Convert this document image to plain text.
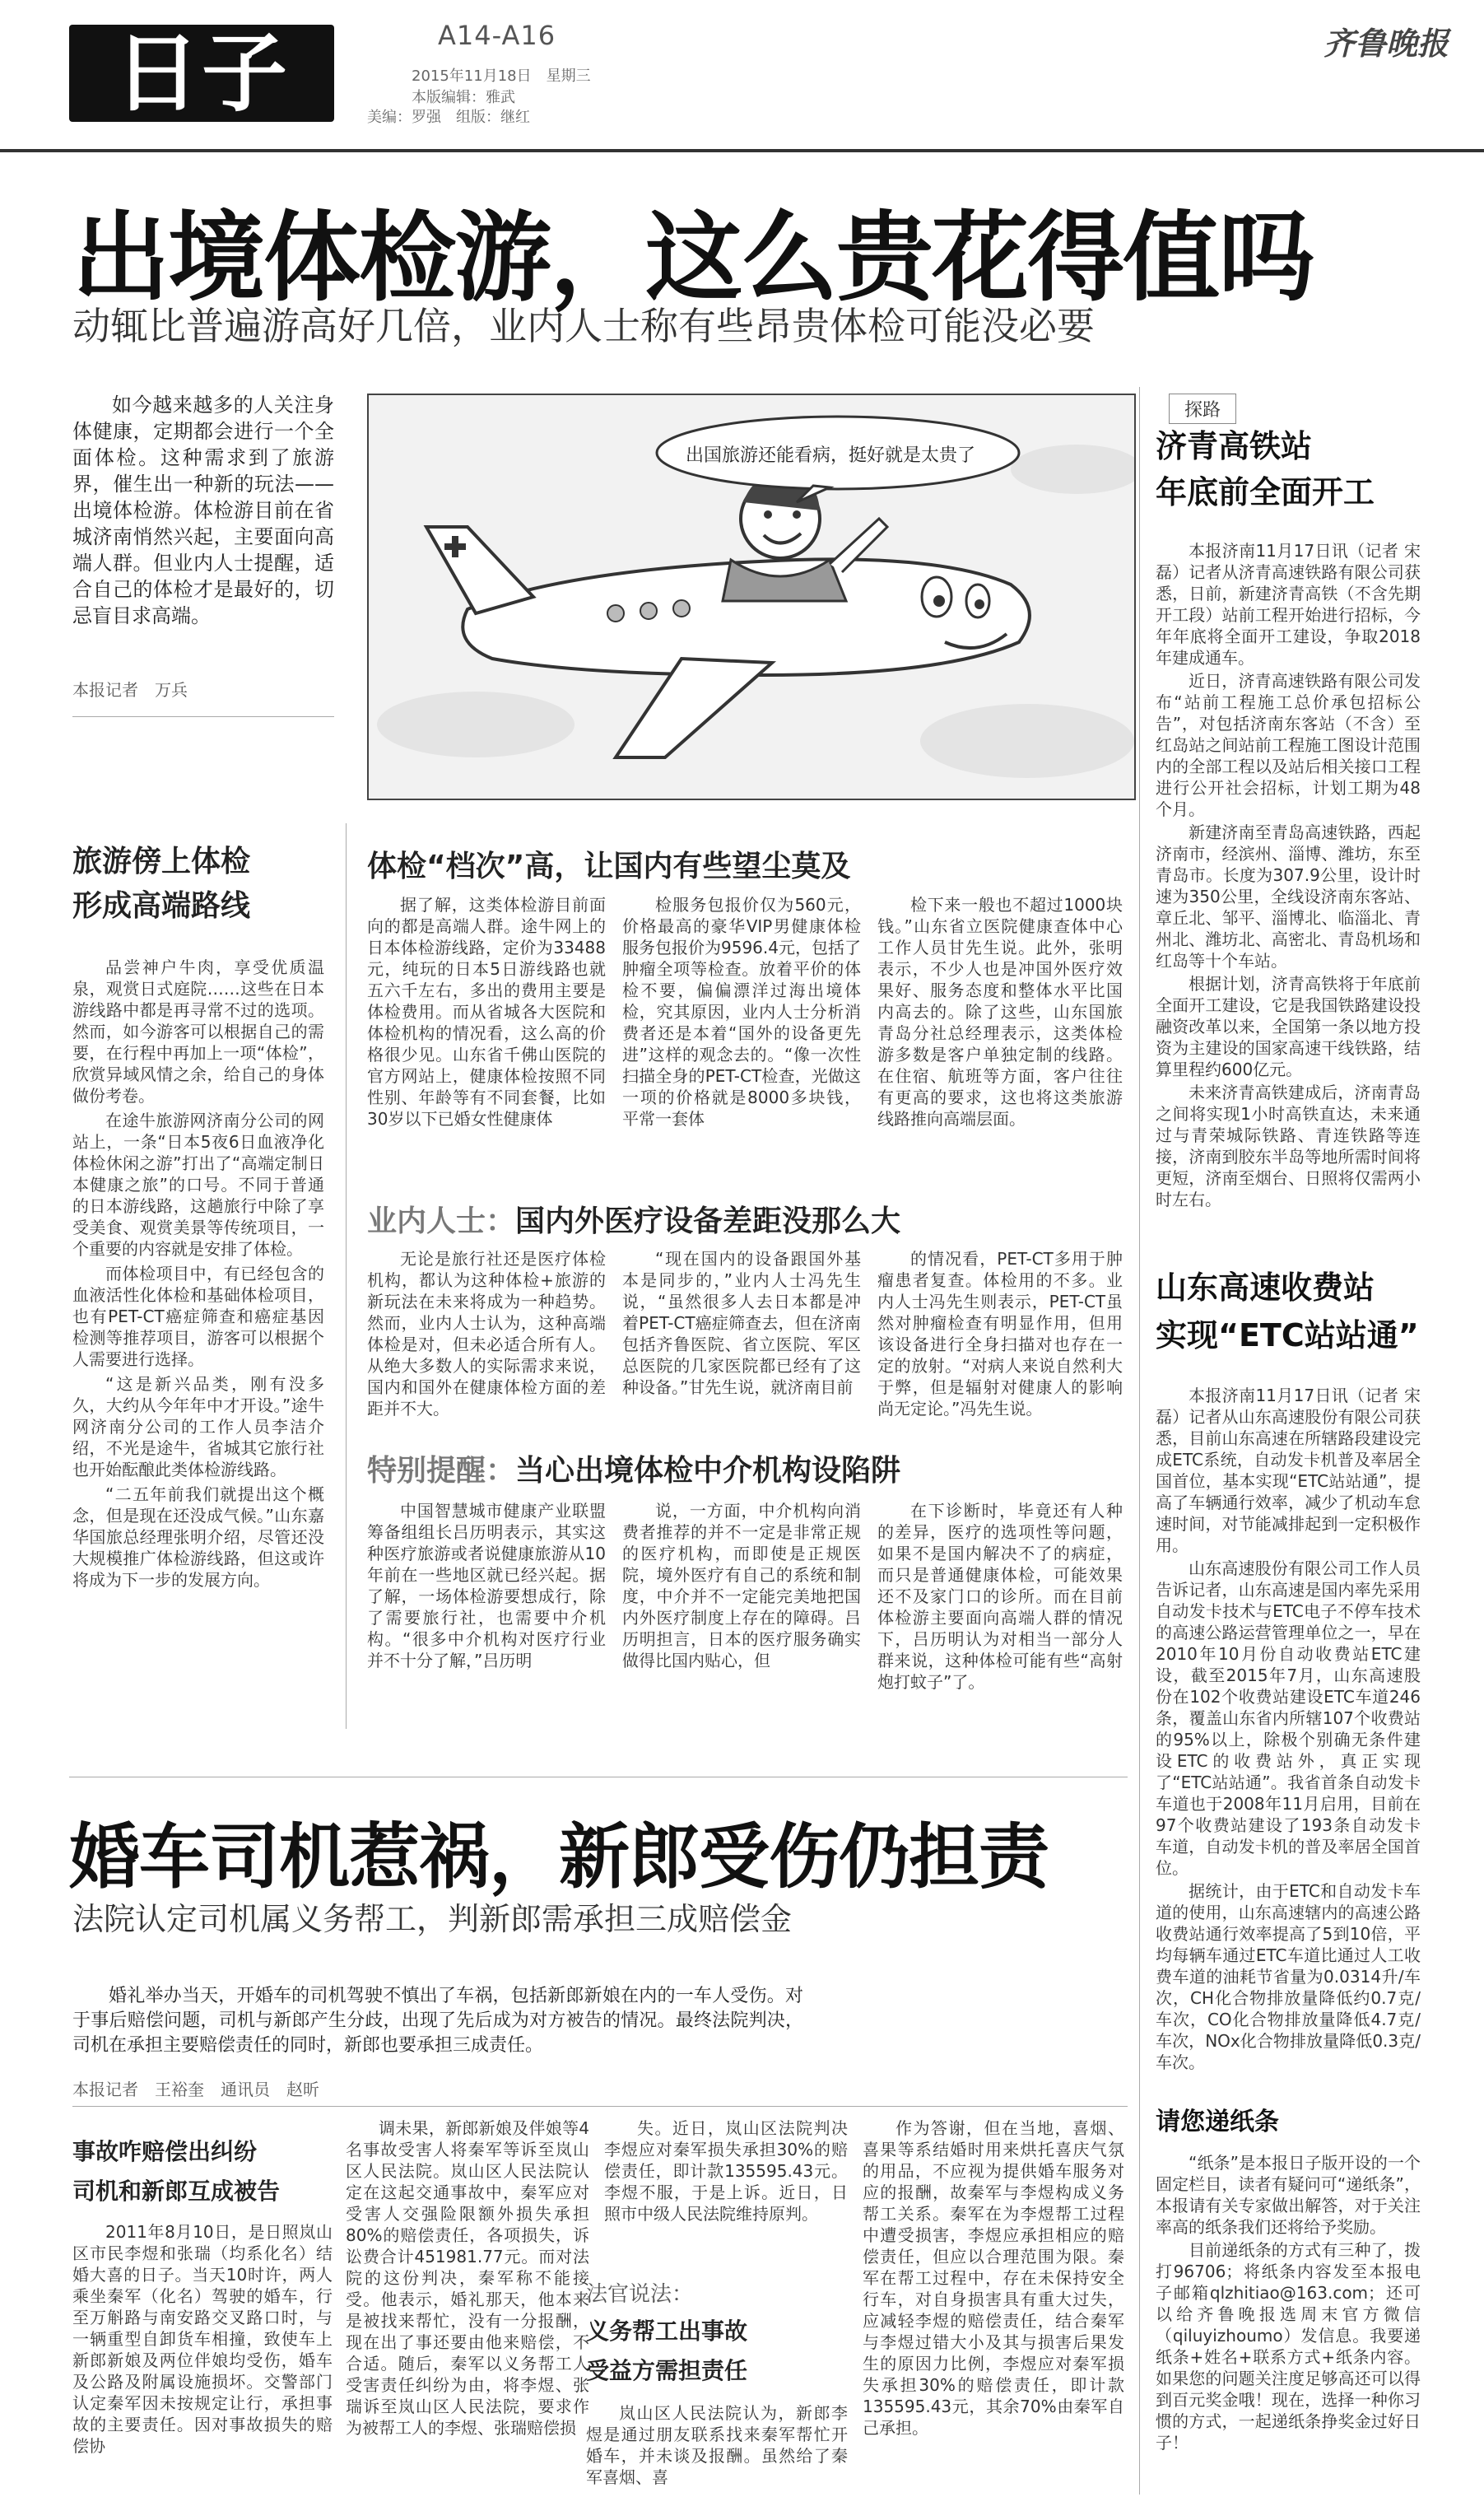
日子	A14-A16
2015年11月18日　星期三
本版编辑：雅武
美编：罗强　组版：继红
齐鲁晚报
出境体检游，这么贵花得值吗
动辄比普遍游高好几倍，业内人士称有些昂贵体检可能没必要

如今越来越多的人关注身体健康，定期都会进行一个全面体检。这种需求到了旅游界，催生出一种新的玩法——出境体检游。体检游目前在省城济南悄然兴起，主要面向高端人群。但业内人士提醒，适合自己的体检才是最好的，切忌盲目求高端。

本报记者　万兵
出国旅游还能看病，挺好就是太贵了
旅游傍上体检
形成高端路线

品尝神户牛肉，享受优质温泉，观赏日式庭院……这些在日本游线路中都是再寻常不过的选项。然而，如今游客可以根据自己的需要，在行程中再加上一项“体检”，欣赏异域风情之余，给自己的身体做份考卷。

在途牛旅游网济南分公司的网站上，一条“日本5夜6日血液净化体检休闲之游”打出了“高端定制日本健康之旅”的口号。不同于普通的日本游线路，这趟旅行中除了享受美食、观赏美景等传统项目，一个重要的内容就是安排了体检。

而体检项目中，有已经包含的血液活性化体检和基础体检项目，也有PET-CT癌症筛查和癌症基因检测等推荐项目，游客可以根据个人需要进行选择。

“这是新兴品类，刚有没多久，大约从今年年中才开设。”途牛网济南分公司的工作人员李洁介绍，不光是途牛，省城其它旅行社也开始酝酿此类体检游线路。

“二五年前我们就提出这个概念，但是现在还没成气候。”山东嘉华国旅总经理张明介绍，尽管还没大规模推广体检游线路，但这或许将成为下一步的发展方向。

体检“档次”高，让国内有些望尘莫及

据了解，这类体检游目前面向的都是高端人群。途牛网上的日本体检游线路，定价为33488元，纯玩的日本5日游线路也就五六千左右，多出的费用主要是体检费用。而从省城各大医院和体检机构的情况看，这么高的价格很少见。山东省千佛山医院的官方网站上，健康体检按照不同性别、年龄等有不同套餐，比如30岁以下已婚女性健康体

检服务包报价仅为560元，价格最高的豪华VIP男健康体检服务包报价为9596.4元，包括了肿瘤全项等检查。放着平价的体检不要，偏偏漂洋过海出境体检，究其原因，业内人士分析消费者还是本着“国外的设备更先进”这样的观念去的。“像一次性扫描全身的PET-CT检查，光做这一项的价格就是8000多块钱，平常一套体

检下来一般也不超过1000块钱。”山东省立医院健康查体中心工作人员甘先生说。此外，张明表示，不少人也是冲国外医疗效果好、服务态度和整体水平比国内高去的。除了这些，山东国旅青岛分社总经理表示，这类体检游多数是客户单独定制的线路。在住宿、航班等方面，客户往往有更高的要求，这也将这类旅游线路推向高端层面。

业内人士：国内外医疗设备差距没那么大

无论是旅行社还是医疗体检机构，都认为这种体检+旅游的新玩法在未来将成为一种趋势。然而，业内人士认为，这种高端体检是对，但未必适合所有人。从绝大多数人的实际需求来说，国内和国外在健康体检方面的差距并不大。

“现在国内的设备跟国外基本是同步的，”业内人士冯先生说，“虽然很多人去日本都是冲着PET-CT癌症筛查去，但在济南包括齐鲁医院、省立医院、军区总医院的几家医院都已经有了这种设备。”甘先生说，就济南目前

的情况看，PET-CT多用于肿瘤患者复查。体检用的不多。业内人士冯先生则表示，PET-CT虽然对肿瘤检查有明显作用，但用该设备进行全身扫描对也存在一定的放射。“对病人来说自然利大于弊，但是辐射对健康人的影响尚无定论。”冯先生说。

特别提醒：当心出境体检中介机构设陷阱

中国智慧城市健康产业联盟筹备组组长吕历明表示，其实这种医疗旅游或者说健康旅游从10年前在一些地区就已经兴起。据了解，一场体检游要想成行，除了需要旅行社，也需要中介机构。“很多中介机构对医疗行业并不十分了解，”吕历明

说，一方面，中介机构向消费者推荐的并不一定是非常正规的医疗机构，而即使是正规医院，境外医疗有自己的系统和制度，中介并不一定能完美地把国内外医疗制度上存在的障碍。吕历明担言，日本的医疗服务确实做得比国内贴心，但

在下诊断时，毕竟还有人种的差异，医疗的选项性等问题，如果不是国内解决不了的病症，而只是普通健康体检，可能效果还不及家门口的诊所。而在目前体检游主要面向高端人群的情况下，吕历明认为对相当一部分人群来说，这种体检可能有些“高射炮打蚊子”了。

探路
济青高铁站
年底前全面开工

本报济南11月17日讯（记者 宋磊）记者从济青高速铁路有限公司获悉，日前，新建济青高铁（不含先期开工段）站前工程开始进行招标，今年年底将全面开工建设，争取2018年建成通车。

近日，济青高速铁路有限公司发布“站前工程施工总价承包招标公告”，对包括济南东客站（不含）至红岛站之间站前工程施工图设计范围内的全部工程以及站后相关接口工程进行公开社会招标，计划工期为48个月。

新建济南至青岛高速铁路，西起济南市，经滨州、淄博、潍坊，东至青岛市。长度为307.9公里，设计时速为350公里，全线设济南东客站、章丘北、邹平、淄博北、临淄北、青州北、潍坊北、高密北、青岛机场和红岛等十个车站。

根据计划，济青高铁将于年底前全面开工建设，它是我国铁路建设投融资改革以来，全国第一条以地方投资为主建设的国家高速干线铁路，结算里程约600亿元。

未来济青高铁建成后，济南青岛之间将实现1小时高铁直达，未来通过与青荣城际铁路、青连铁路等连接，济南到胶东半岛等地所需时间将更短，济南至烟台、日照将仅需两小时左右。

山东高速收费站
实现“ETC站站通”

本报济南11月17日讯（记者 宋磊）记者从山东高速股份有限公司获悉，目前山东高速在所辖路段建设完成ETC系统，自动发卡机普及率居全国首位，基本实现“ETC站站通”，提高了车辆通行效率，减少了机动车怠速时间，对节能减排起到一定积极作用。

山东高速股份有限公司工作人员告诉记者，山东高速是国内率先采用自动发卡技术与ETC电子不停车技术的高速公路运营管理单位之一，早在2010年10月份自动收费站ETC建设，截至2015年7月，山东高速股份在102个收费站建设ETC车道246条，覆盖山东省内所辖107个收费站的95%以上，除极个别确无条件建设ETC的收费站外，真正实现了“ETC站站通”。我省首条自动发卡车道也于2008年11月启用，目前在97个收费站建设了193条自动发卡车道，自动发卡机的普及率居全国首位。

据统计，由于ETC和自动发卡车道的使用，山东高速辖内的高速公路收费站通行效率提高了5到10倍，平均每辆车通过ETC车道比通过人工收费车道的油耗节省量为0.0314升/车次，CH化合物排放量降低约0.7克/车次，CO化合物排放量降低4.7克/车次，NOx化合物排放量降低0.3克/车次。

请您递纸条

“纸条”是本报日子版开设的一个固定栏目，读者有疑问可“递纸条”，本报请有关专家做出解答，对于关注率高的纸条我们还将给予奖励。

目前递纸条的方式有三种了，拨打96706；将纸条内容发至本报电子邮箱qlzhitiao@163.com；还可以给齐鲁晚报选周末官方微信（qiluyizhoumo）发信息。我要递纸条+姓名+联系方式+纸条内容。如果您的问题关注度足够高还可以得到百元奖金哦！现在，选择一种你习惯的方式，一起递纸条挣奖金过好日子！

婚车司机惹祸，新郎受伤仍担责
法院认定司机属义务帮工，判新郎需承担三成赔偿金

婚礼举办当天，开婚车的司机驾驶不慎出了车祸，包括新郎新娘在内的一车人受伤。对于事后赔偿问题，司机与新郎产生分歧，出现了先后成为对方被告的情况。最终法院判决，司机在承担主要赔偿责任的同时，新郎也要承担三成责任。

本报记者　王裕奎　通讯员　赵昕
事故咋赔偿出纠纷
司机和新郎互成被告

2011年8月10日，是日照岚山区市民李煜和张瑞（均系化名）结婚大喜的日子。当天10时许，两人乘坐秦军（化名）驾驶的婚车，行至万斛路与南安路交叉路口时，与一辆重型自卸货车相撞，致使车上新郎新娘及两位伴娘均受伤，婚车及公路及附属设施损坏。交警部门认定秦军因未按规定让行，承担事故的主要责任。因对事故损失的赔偿协

调未果，新郎新娘及伴娘等4名事故受害人将秦军等诉至岚山区人民法院。岚山区人民法院认定在这起交通事故中，秦军应对受害人交强险限额外损失承担80%的赔偿责任，各项损失，诉讼费合计451981.77元。而对法院的这份判决，秦军称不能接受。他表示，婚礼那天，他本来是被找来帮忙，没有一分报酬，现在出了事还要由他来赔偿，不合适。随后，秦军以义务帮工人受害责任纠纷为由，将李煜、张瑞诉至岚山区人民法院，要求作为被帮工人的李煜、张瑞赔偿损

失。近日，岚山区法院判决李煜应对秦军损失承担30%的赔偿责任，即计款135595.43元。李煜不服，于是上诉。近日，日照市中级人民法院维持原判。

法官说法：
义务帮工出事故
受益方需担责任

岚山区人民法院认为，新郎李煜是通过朋友联系找来秦军帮忙开婚车，并未谈及报酬。虽然给了秦军喜烟、喜

作为答谢，但在当地，喜烟、喜果等系结婚时用来烘托喜庆气氛的用品，不应视为提供婚车服务对应的报酬，故秦军与李煜构成义务帮工关系。秦军在为李煜帮工过程中遭受损害，李煜应承担相应的赔偿责任，但应以合理范围为限。秦军在帮工过程中，存在未保持安全行车，对自身损害具有重大过失，应减轻李煜的赔偿责任，结合秦军与李煜过错大小及其与损害后果发生的原因力比例，李煜应对秦军损失承担30%的赔偿责任，即计款135595.43元，其余70%由秦军自己承担。
